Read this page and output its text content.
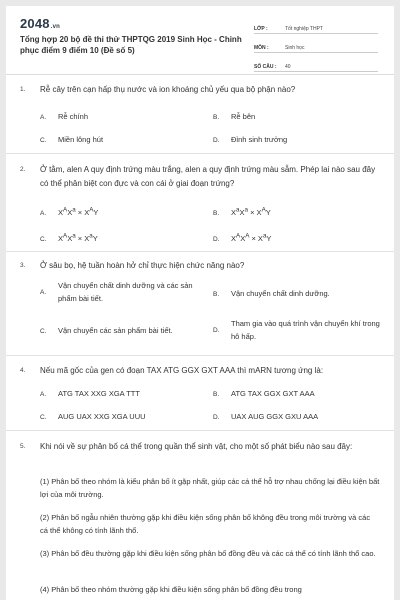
2048.vn
Tổng hợp 20 bộ đề thi thử THPTQG 2019 Sinh Học - Chinh phục điểm 9 điểm 10 (Đề số 5)
LỚP :	Tốt nghiệp THPT
MÔN :	Sinh học
SỐ CÂU :	40
1. Rễ cây trên cạn hấp thụ nước và ion khoáng chủ yếu qua bộ phận nào?
A. Rễ chính	B. Rễ bên
C. Miền lông hút	D. Đỉnh sinh trưởng
2. Ở tằm, alen A quy định trứng màu trắng, alen a quy định trứng màu sẫm. Phép lai nào sau đây có thể phân biệt con đực và con cái ở giai đoạn trứng?
A. $X^AX^a \times X^AY$	B. $X^aX^a \times X^AY$
C. $X^AX^a \times X^aY$	D. $X^AX^A \times X^aY$
3. Ở sâu bọ, hệ tuần hoàn hở chỉ thực hiện chức năng nào?
A.
Vận chuyển chất dinh dưỡng và các sản phẩm bài tiết.	B. Vận chuyển chất dinh dưỡng.
C. Vận chuyển các sản phẩm bài tiết.	D.
Tham gia vào quá trình vận chuyển khí trong hô hấp.
4. Nếu mã gốc của gen có đoạn TAX ATG GGX GXT AAA thì mARN tương ứng là:
A. ATG TAX XXG XGA TTT	B. ATG TAX GGX GXT AAA
C. AUG UAX XXG XGA UUU	D. UAX AUG GGX GXU AAA
5. Khi nói về sự phân bố cá thể trong quần thể sinh vật, cho một số phát biểu nào sau đây:
(1) Phân bố theo nhóm là kiểu phân bố ít gặp nhất, giúp các cá thể hỗ trợ nhau chống lại điều kiện bất lợi của môi trường.
(2) Phân bố ngẫu nhiên thường gặp khi điều kiện sống phân bố không đều trong môi trường và các cá thể không có tính lãnh thổ.
(3) Phân bố đều thường gặp khi điều kiện sống phân bố đồng đều và các cá thể có tính lãnh thổ cao.
(4) Phân bố theo nhóm thường gặp khi điều kiện sống phân bố đồng đều trong
